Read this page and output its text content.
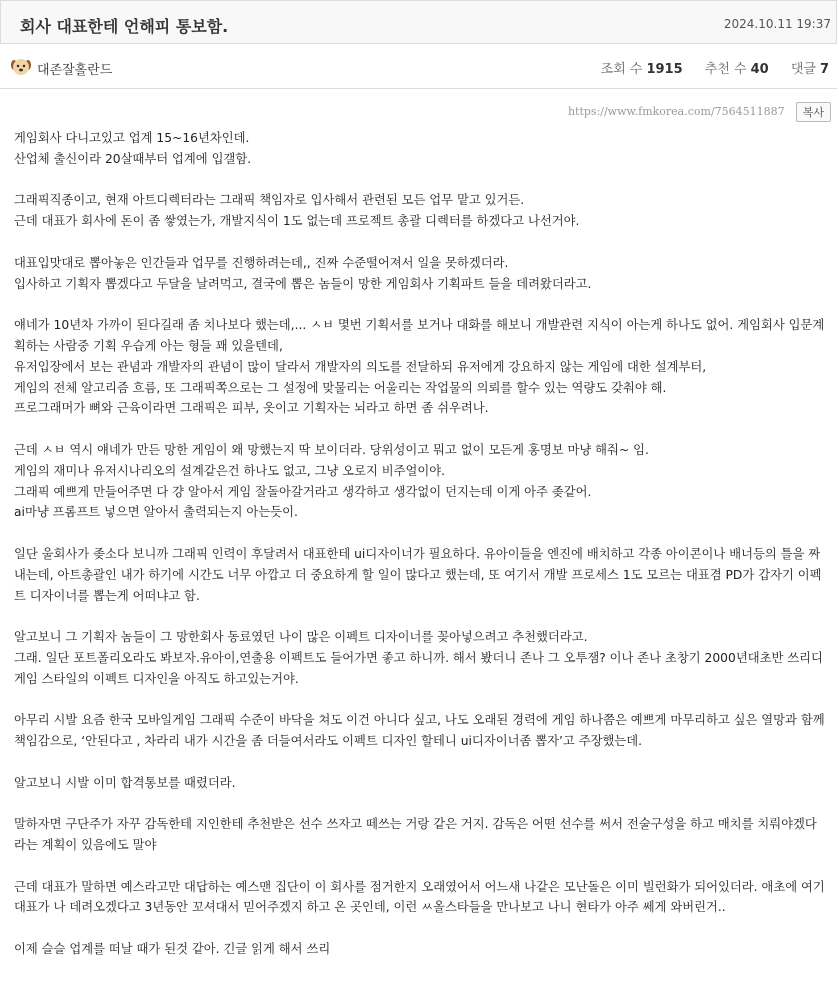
회사 대표한테 언해피 통보함.	2024.10.11 19:37
대존잘홀란드	조회 수 1915 추천 수 40 댓글 7
https://www.fmkorea.com/7564511887 복사

게임회사 다니고있고 업계 15~16년차인데.

산업체 출신이라 20살때부터 업계에 입갤함.

그래픽직종이고, 현재 아트디렉터라는 그래픽 책임자로 입사해서 관련된 모든 업무 맡고 있거든.

근데 대표가 회사에 돈이 좀 쌓였는가, 개발지식이 1도 없는데 프로젝트 총괄 디렉터를 하겠다고 나선거야.

대표입맛대로 뽑아놓은 인간들과 업무를 진행하려는데,, 진짜 수준떨어져서 일을 못하겠더라.

입사하고 기획자 뽑겠다고 두달을 날려먹고, 결국에 뽑은 놈들이 망한 게임회사 기획파트 들을 데려왔더라고.

얘네가 10년차 가까이 된다길래 좀 치나보다 했는데,... ㅅㅂ 몇번 기획서를 보거나 대화를 해보니 개발관련 지식이 아는게 하나도 없어. 게임회사 입문계획하는 사람중 기획 우습게 아는 형들 꽤 있을텐데,

유저입장에서 보는 관념과 개발자의 관념이 많이 달라서 개발자의 의도를 전달하되 유저에게 강요하지 않는 게임에 대한 설계부터,

게임의 전체 알고리즘 흐름, 또 그래픽쪽으로는 그 설정에 맞물리는 어울리는 작업물의 의뢰를 할수 있는 역량도 갖춰야 해.

프로그래머가 뼈와 근육이라면 그래픽은 피부, 옷이고 기획자는 뇌라고 하면 좀 쉬우려나.

근데 ㅅㅂ 역시 얘네가 만든 망한 게임이 왜 망했는지 딱 보이더라. 당위성이고 뭐고 없이 모든게 홍명보 마냥 해줘~ 임.

게임의 재미나 유저시나리오의 설계같은건 하나도 없고, 그냥 오로지 비주얼이야.

그래픽 예쁘게 만들어주면 다 걍 알아서 게임 잘돌아갈거라고 생각하고 생각없이 던지는데 이게 아주 좆같어.

ai마냥 프롬프트 넣으면 알아서 출력되는지 아는듯이.

일단 울회사가 좆소다 보니까 그래픽 인력이 후달려서 대표한테 ui디자이너가 필요하다. 유아이들을 엔진에 배치하고 각종 아이콘이나 배너등의 틀을 짜내는데, 아트총괄인 내가 하기에 시간도 너무 아깝고 더 중요하게 할 일이 많다고 했는데, 또 여기서 개발 프로세스 1도 모르는 대표겸 PD가 갑자기 이펙트 디자이너를 뽑는게 어떠냐고 함.

알고보니 그 기획자 놈들이 그 망한회사 동료였던 나이 많은 이펙트 디자이너를 꽂아넣으려고 추천했더라고.

그래. 일단 포트폴리오라도 봐보자.유아이,연출용 이펙트도 들어가면 좋고 하니까. 해서 봤더니 존나 그 오투잼? 이나 존나 초창기 2000년대초반 쓰리디게임 스타일의 이펙트 디자인을 아직도 하고있는거야.

아무리 시발 요즘 한국 모바일게임 그래픽 수준이 바닥을 쳐도 이건 아니다 싶고, 나도 오래된 경력에 게임 하나쯤은 예쁘게 마무리하고 싶은 열망과 함께 책임감으로, ‘안된다고 , 차라리 내가 시간을 좀 더들여서라도 이펙트 디자인 할테니 ui디자이너좀 뽑자’고 주장했는데.

알고보니 시발 이미 합격통보를 때렸더라.

말하자면 구단주가 자꾸 감독한테 지인한테 추천받은 선수 쓰자고 떼쓰는 거랑 같은 거지. 감독은 어떤 선수를 써서 전술구성을 하고 매치를 치뤄야겠다 라는 계획이 있음에도 말야

근데 대표가 말하면 예스라고만 대답하는 예스맨 집단이 이 회사를 점거한지 오래였어서 어느새 나같은 모난돌은 이미 빌런화가 되어있더라. 애초에 여기 대표가 나 데려오겠다고 3년동안 꼬셔대서 믿어주겠지 하고 온 곳인데, 이런 ㅆ올스타들을 만나보고 나니 현타가 아주 쎄게 와버린거..

이제 슬슬 업계를 떠날 때가 된것 같아. 긴글 읽게 해서 쓰리
